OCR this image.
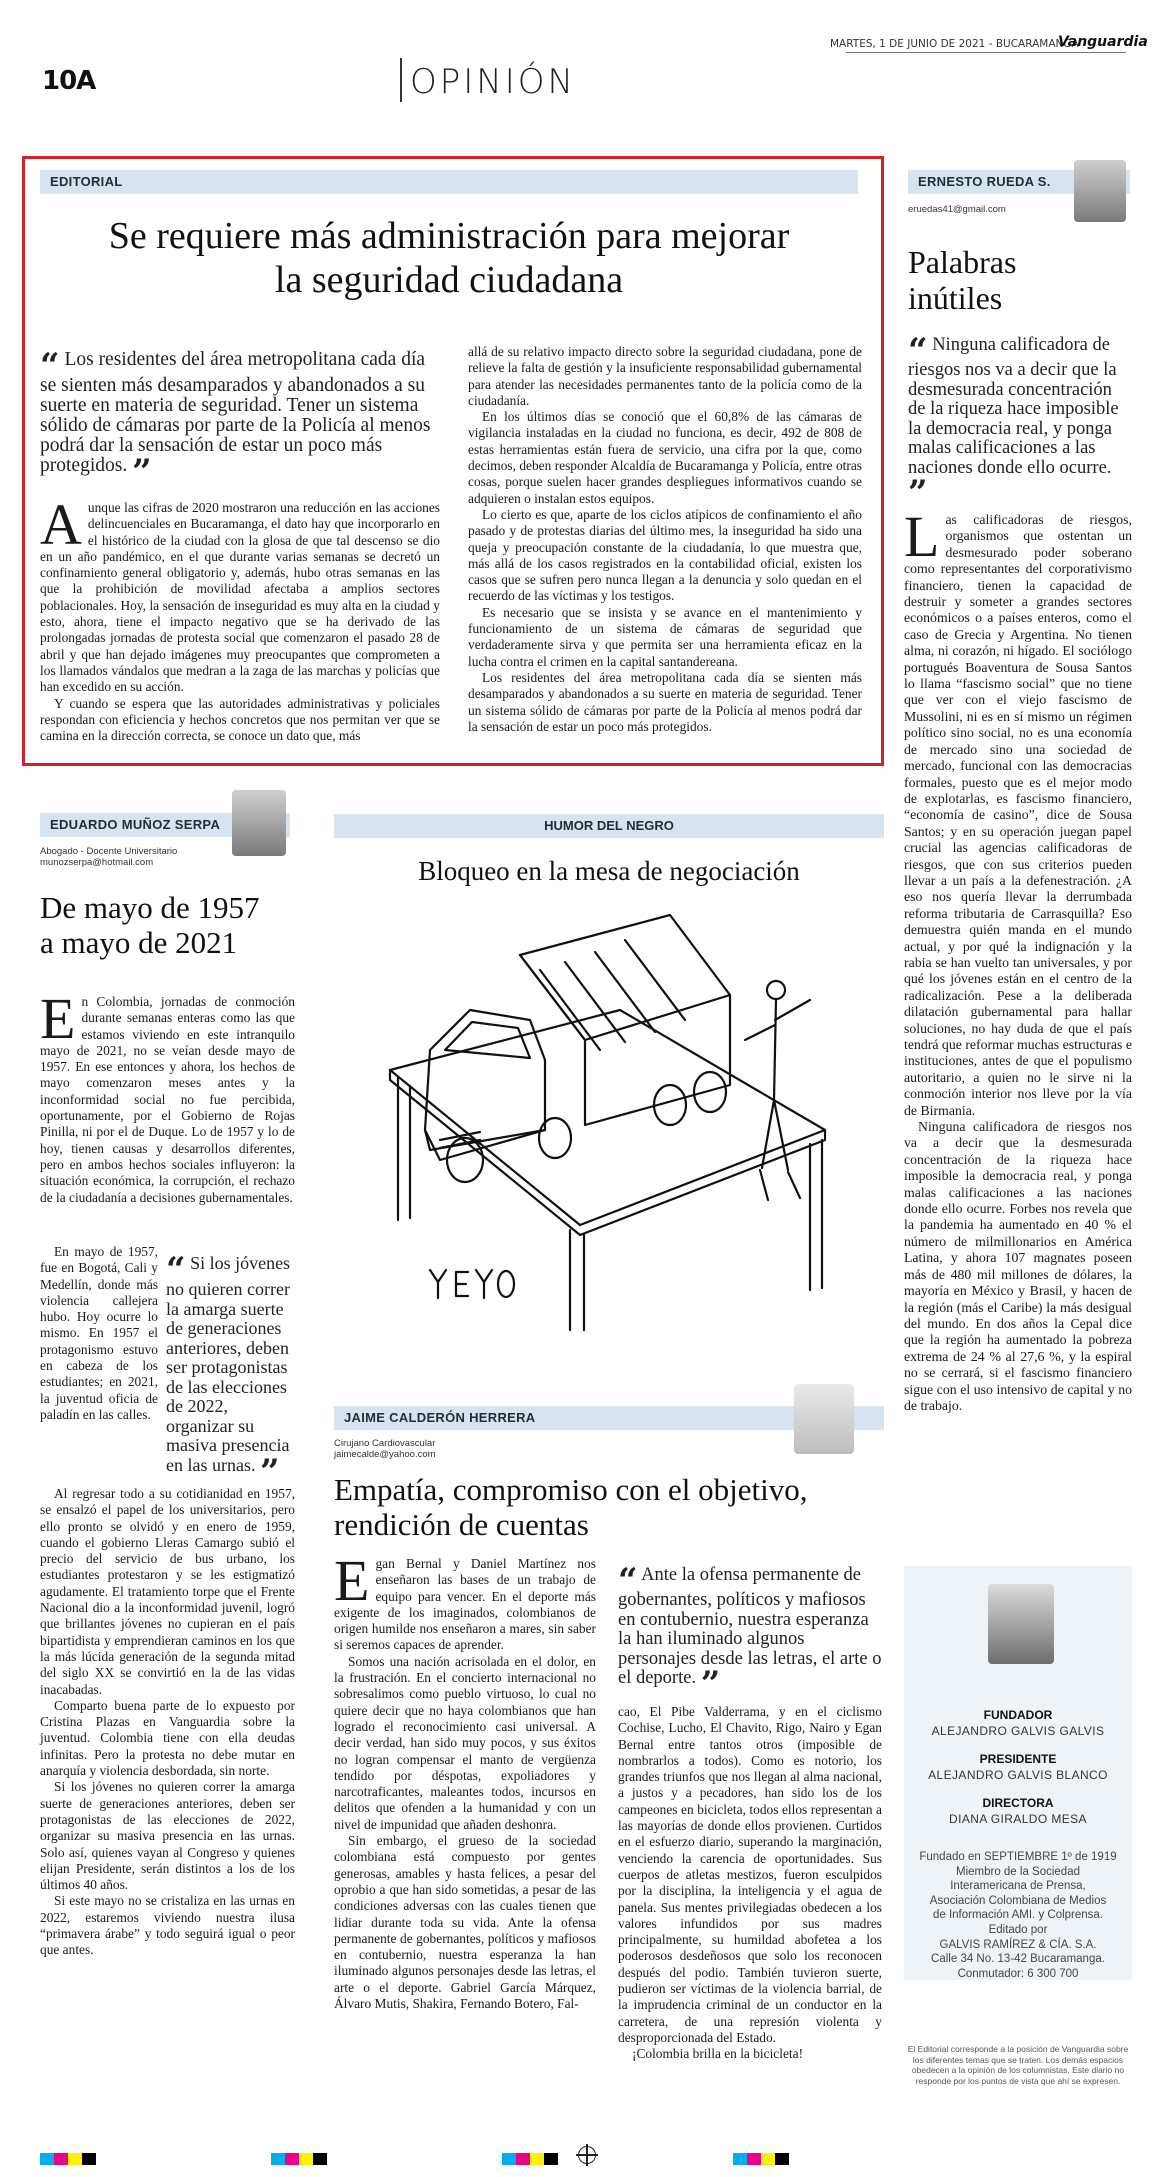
MARTES, 1 DE JUNIO DE 2021 - BUCARAMANGA
Vanguardia
10A	OPINIÓN
EDITORIAL
Se requiere más administración para mejorar
la seguridad ciudadana
“ Los residentes del área metropolitana cada día se sienten más desamparados y abandonados a su suerte en materia de seguridad. Tener un sistema sólido de cámaras por parte de la Policía al menos podrá dar la sensación de estar un poco más protegidos. ”

Aunque las cifras de 2020 mostraron una reducción en las acciones delincuenciales en Bucaramanga, el dato hay que incorporarlo en el histórico de la ciudad con la glosa de que tal descenso se dio en un año pandémico, en el que durante varias semanas se decretó un confinamiento general obligatorio y, además, hubo otras semanas en las que la prohibición de movilidad afectaba a amplios sectores poblacionales. Hoy, la sensación de inseguridad es muy alta en la ciudad y esto, ahora, tiene el impacto negativo que se ha derivado de las prolongadas jornadas de protesta social que comenzaron el pasado 28 de abril y que han dejado imágenes muy preocupantes que comprometen a los llamados vándalos que medran a la zaga de las marchas y policías que han excedido en su acción.

Y cuando se espera que las autoridades administrativas y policiales respondan con eficiencia y hechos concretos que nos permitan ver que se camina en la dirección correcta, se conoce un dato que, más

allá de su relativo impacto directo sobre la seguridad ciudadana, pone de relieve la falta de gestión y la insuficiente responsabilidad gubernamental para atender las necesidades permanentes tanto de la policía como de la ciudadanía.

En los últimos días se conoció que el 60,8% de las cámaras de vigilancia instaladas en la ciudad no funciona, es decir, 492 de 808 de estas herramientas están fuera de servicio, una cifra por la que, como decimos, deben responder Alcaldía de Bucaramanga y Policía, entre otras cosas, porque suelen hacer grandes despliegues informativos cuando se adquieren o instalan estos equipos.

Lo cierto es que, aparte de los ciclos atípicos de confinamiento el año pasado y de protestas diarias del último mes, la inseguridad ha sido una queja y preocupación constante de la ciudadanía, lo que muestra que, más allá de los casos registrados en la contabilidad oficial, existen los casos que se sufren pero nunca llegan a la denuncia y solo quedan en el recuerdo de las víctimas y los testigos.

Es necesario que se insista y se avance en el mantenimiento y funcionamiento de un sistema de cámaras de seguridad que verdaderamente sirva y que permita ser una herramienta eficaz en la lucha contra el crimen en la capital santandereana.

Los residentes del área metropolitana cada día se sienten más desamparados y abandonados a su suerte en materia de seguridad. Tener un sistema sólido de cámaras por parte de la Policía al menos podrá dar la sensación de estar un poco más protegidos.

ERNESTO RUEDA S.
eruedas41@gmail.com
Palabras
inútiles
“ Ninguna calificadora de riesgos nos va a decir que la desmesurada concentración de la riqueza hace imposible la democracia real, y ponga malas calificaciones a las naciones donde ello ocurre. ”

Las calificadoras de riesgos, organismos que ostentan un desmesurado poder soberano como representantes del corporativismo financiero, tienen la capacidad de destruir y someter a grandes sectores económicos o a países enteros, como el caso de Grecia y Argentina. No tienen alma, ni corazón, ni hígado. El sociólogo portugués Boaventura de Sousa Santos lo llama “fascismo social” que no tiene que ver con el viejo fascismo de Mussolini, ni es en sí mismo un régimen político sino social, no es una economía de mercado sino una sociedad de mercado, funcional con las democracias formales, puesto que es el mejor modo de explotarlas, es fascismo financiero, “economía de casino”, dice de Sousa Santos; y en su operación juegan papel crucial las agencias calificadoras de riesgos, que con sus criterios pueden llevar a un país a la defenestración. ¿A eso nos quería llevar la derrumbada reforma tributaria de Carrasquilla? Eso demuestra quién manda en el mundo actual, y por qué la indignación y la rabia se han vuelto tan universales, y por qué los jóvenes están en el centro de la radicalización. Pese a la deliberada dilatación gubernamental para hallar soluciones, no hay duda de que el país tendrá que reformar muchas estructuras e instituciones, antes de que el populismo autoritario, a quien no le sirve ni la conmoción interior nos lleve por la vía de Birmania.

Ninguna calificadora de riesgos nos va a decir que la desmesurada concentración de la riqueza hace imposible la democracia real, y ponga malas calificaciones a las naciones donde ello ocurre. Forbes nos revela que la pandemia ha aumentado en 40 % el número de milmillonarios en América Latina, y ahora 107 magnates poseen más de 480 mil millones de dólares, la mayoría en México y Brasil, y hacen de la región (más el Caribe) la más desigual del mundo. En dos años la Cepal dice que la región ha aumentado la pobreza extrema de 24 % al 27,6 %, y la espiral no se cerrará, si el fascismo financiero sigue con el uso intensivo de capital y no de trabajo.

EDUARDO MUÑOZ SERPA
Abogado - Docente Universitario
munozserpa@hotmail.com
De mayo de 1957
a mayo de 2021

En Colombia, jornadas de conmoción durante semanas enteras como las que estamos viviendo en este intranquilo mayo de 2021, no se veían desde mayo de 1957. En ese entonces y ahora, los hechos de mayo comenzaron meses antes y la inconformidad social no fue percibida, oportunamente, por el Gobierno de Rojas Pinilla, ni por el de Duque. Lo de 1957 y lo de hoy, tienen causas y desarrollos diferentes, pero en ambos hechos sociales influyeron: la situación económica, la corrupción, el rechazo de la ciudadanía a decisiones gubernamentales.

En mayo de 1957, fue en Bogotá, Cali y Medellín, donde más violencia callejera hubo. Hoy ocurre lo mismo. En 1957 el protagonismo estuvo en cabeza de los estudiantes; en 2021, la juventud oficia de paladín en las calles.

“ Si los jóvenes no quieren correr la amarga suerte de generaciones anteriores, deben ser protagonistas de las elecciones de 2022, organizar su masiva presencia en las urnas. ”

Al regresar todo a su cotidianidad en 1957, se ensalzó el papel de los universitarios, pero ello pronto se olvidó y en enero de 1959, cuando el gobierno Lleras Camargo subió el precio del servicio de bus urbano, los estudiantes protestaron y se les estigmatizó agudamente. El tratamiento torpe que el Frente Nacional dio a la inconformidad juvenil, logró que brillantes jóvenes no cupieran en el país bipartidista y emprendieran caminos en los que la más lúcida generación de la segunda mitad del siglo XX se convirtió en la de las vidas inacabadas.

Comparto buena parte de lo expuesto por Cristina Plazas en Vanguardia sobre la juventud. Colombia tiene con ella deudas infinitas. Pero la protesta no debe mutar en anarquía y violencia desbordada, sin norte.

Si los jóvenes no quieren correr la amarga suerte de generaciones anteriores, deben ser protagonistas de las elecciones de 2022, organizar su masiva presencia en las urnas. Solo así, quienes vayan al Congreso y quienes elijan Presidente, serán distintos a los de los últimos 40 años.

Si este mayo no se cristaliza en las urnas en 2022, estaremos viviendo nuestra ilusa “primavera árabe” y todo seguirá igual o peor que antes.

HUMOR DEL NEGRO
Bloqueo en la mesa de negociación
JAIME CALDERÓN HERRERA
Cirujano Cardiovascular
jaimecalde@yahoo.com
Empatía, compromiso con el objetivo,
rendición de cuentas

Egan Bernal y Daniel Martínez nos enseñaron las bases de un trabajo de equipo para vencer. En el deporte más exigente de los imaginados, colombianos de origen humilde nos enseñaron a mares, sin saber si seremos capaces de aprender.

Somos una nación acrisolada en el dolor, en la frustración. En el concierto internacional no sobresalimos como pueblo virtuoso, lo cual no quiere decir que no haya colombianos que han logrado el reconocimiento casi universal. A decir verdad, han sido muy pocos, y sus éxitos no logran compensar el manto de vergüenza tendido por déspotas, expoliadores y narcotraficantes, maleantes todos, incursos en delitos que ofenden a la humanidad y con un nivel de impunidad que añaden deshonra.

Sin embargo, el grueso de la sociedad colombiana está compuesto por gentes generosas, amables y hasta felices, a pesar del oprobio a que han sido sometidas, a pesar de las condiciones adversas con las cuales tienen que lidiar durante toda su vida. Ante la ofensa permanente de gobernantes, políticos y mafiosos en contubernio, nuestra esperanza la han iluminado algunos personajes desde las letras, el arte o el deporte. Gabriel García Márquez, Álvaro Mutis, Shakira, Fernando Botero, Fal-

“ Ante la ofensa permanente de gobernantes, políticos y mafiosos en contubernio, nuestra esperanza la han iluminado algunos personajes desde las letras, el arte o el deporte. ”

cao, El Pibe Valderrama, y en el ciclismo Cochise, Lucho, El Chavito, Rigo, Nairo y Egan Bernal entre tantos otros (imposible de nombrarlos a todos). Como es notorio, los grandes triunfos que nos llegan al alma nacional, a justos y a pecadores, han sido los de los campeones en bicicleta, todos ellos representan a las mayorías de donde ellos provienen. Curtidos en el esfuerzo diario, superando la marginación, venciendo la carencia de oportunidades. Sus cuerpos de atletas mestizos, fueron esculpidos por la disciplina, la inteligencia y el agua de panela. Sus mentes privilegiadas obedecen a los valores infundidos por sus madres principalmente, su humildad abofetea a los poderosos desdeñosos que solo los reconocen después del podio. También tuvieron suerte, pudieron ser víctimas de la violencia barrial, de la imprudencia criminal de un conductor en la carretera, de una represión violenta y desproporcionada del Estado.

¡Colombia brilla en la bicicleta!

FUNDADOR
ALEJANDRO GALVIS GALVIS
PRESIDENTE
ALEJANDRO GALVIS BLANCO
DIRECTORA
DIANA GIRALDO MESA
Fundado en SEPTIEMBRE 1º de 1919
Miembro de la Sociedad
Interamericana de Prensa,
Asociación Colombiana de Medios
de Información AMI. y Colprensa.
Editado por
GALVIS RAMÍREZ & CÍA. S.A.
Calle 34 No. 13-42 Bucaramanga.
Conmutador: 6 300 700
El Editorial corresponde a la posición de Vanguardia sobre los diferentes temas que se traten. Los demás espacios obedecen a la opinión de los columnistas. Este diario no responde por los puntos de vista que ahí se expresen.
